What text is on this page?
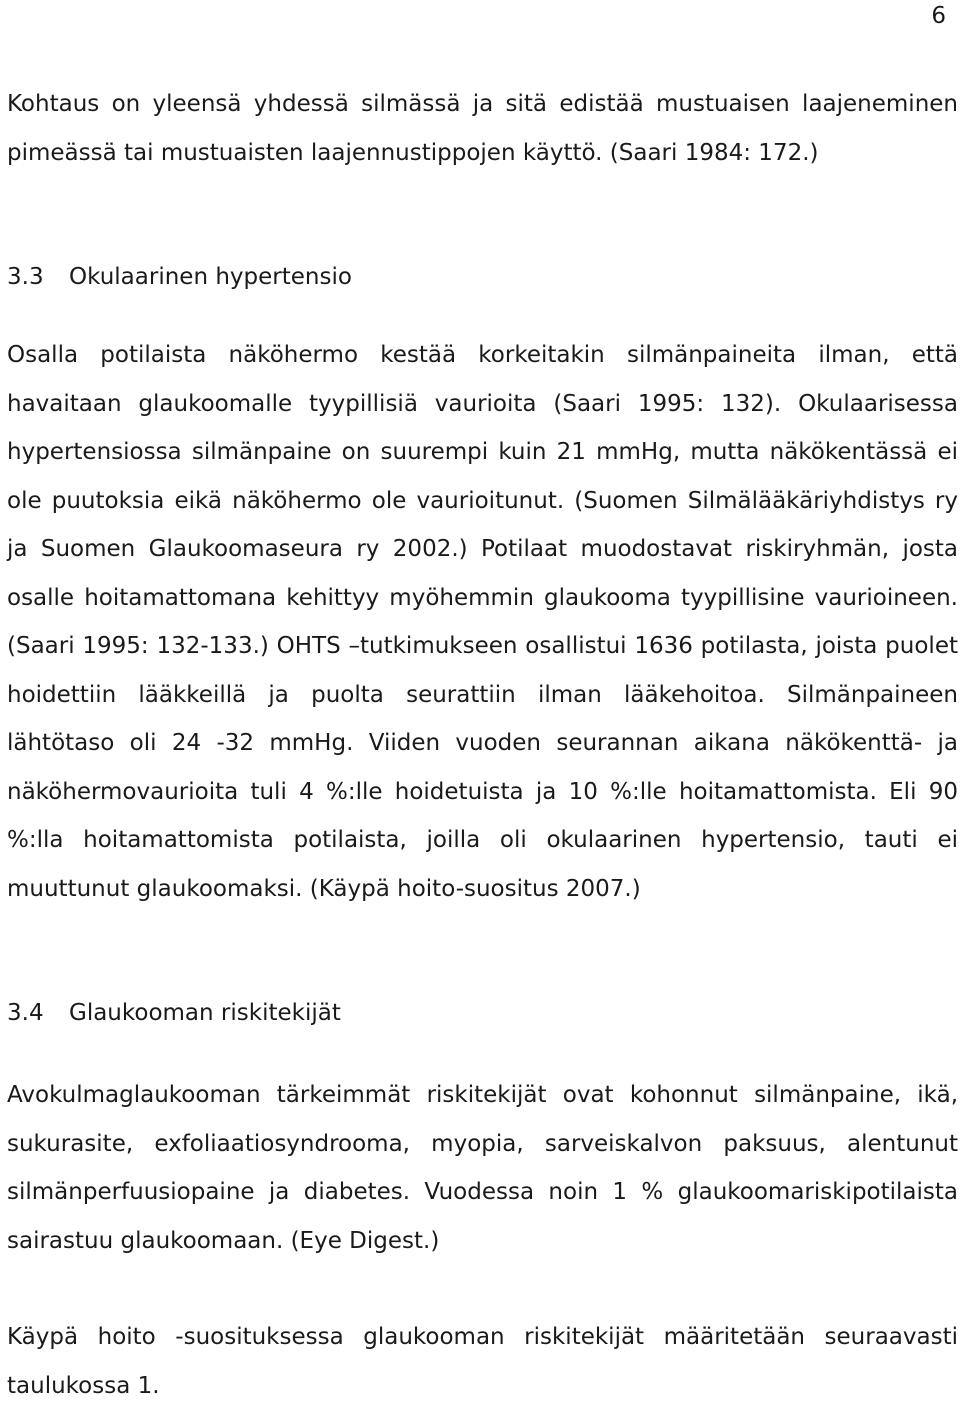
6

Kohtaus on yleensä yhdessä silmässä ja sitä edistää mustuaisen laajeneminen pimeässä tai mustuaisten laajennustippojen käyttö. (Saari 1984: 172.)

3.3 Okulaarinen hypertensio

Osalla potilaista näköhermo kestää korkeitakin silmänpaineita ilman, että havaitaan glaukoomalle tyypillisiä vaurioita (Saari 1995: 132). Okulaarisessa hypertensiossa silmänpaine on suurempi kuin 21 mmHg, mutta näkökentässä ei ole puutoksia eikä näköhermo ole vaurioitunut. (Suomen Silmälääkäriyhdistys ry ja Suomen Glaukoomaseura ry 2002.) Potilaat muodostavat riskiryhmän, josta osalle hoitamattomana kehittyy myöhemmin glaukooma tyypillisine vaurioineen. (Saari 1995: 132-133.) OHTS –tutkimukseen osallistui 1636 potilasta, joista puolet hoidettiin lääkkeillä ja puolta seurattiin ilman lääkehoitoa. Silmänpaineen lähtötaso oli 24 -32 mmHg. Viiden vuoden seurannan aikana näkökenttä- ja näköhermovaurioita tuli 4 %:lle hoidetuista ja 10 %:lle hoitamattomista. Eli 90 %:lla hoitamattomista potilaista, joilla oli okulaarinen hypertensio, tauti ei muuttunut glaukoomaksi. (Käypä hoito-suositus 2007.)

3.4 Glaukooman riskitekijät

Avokulmaglaukooman tärkeimmät riskitekijät ovat kohonnut silmänpaine, ikä, sukurasite, exfoliaatiosyndrooma, myopia, sarveiskalvon paksuus, alentunut silmänperfuusiopaine ja diabetes. Vuodessa noin 1 % glaukoomariskipotilaista sairastuu glaukoomaan. (Eye Digest.)

Käypä hoito -suosituksessa glaukooman riskitekijät määritetään seuraavasti taulukossa 1.
